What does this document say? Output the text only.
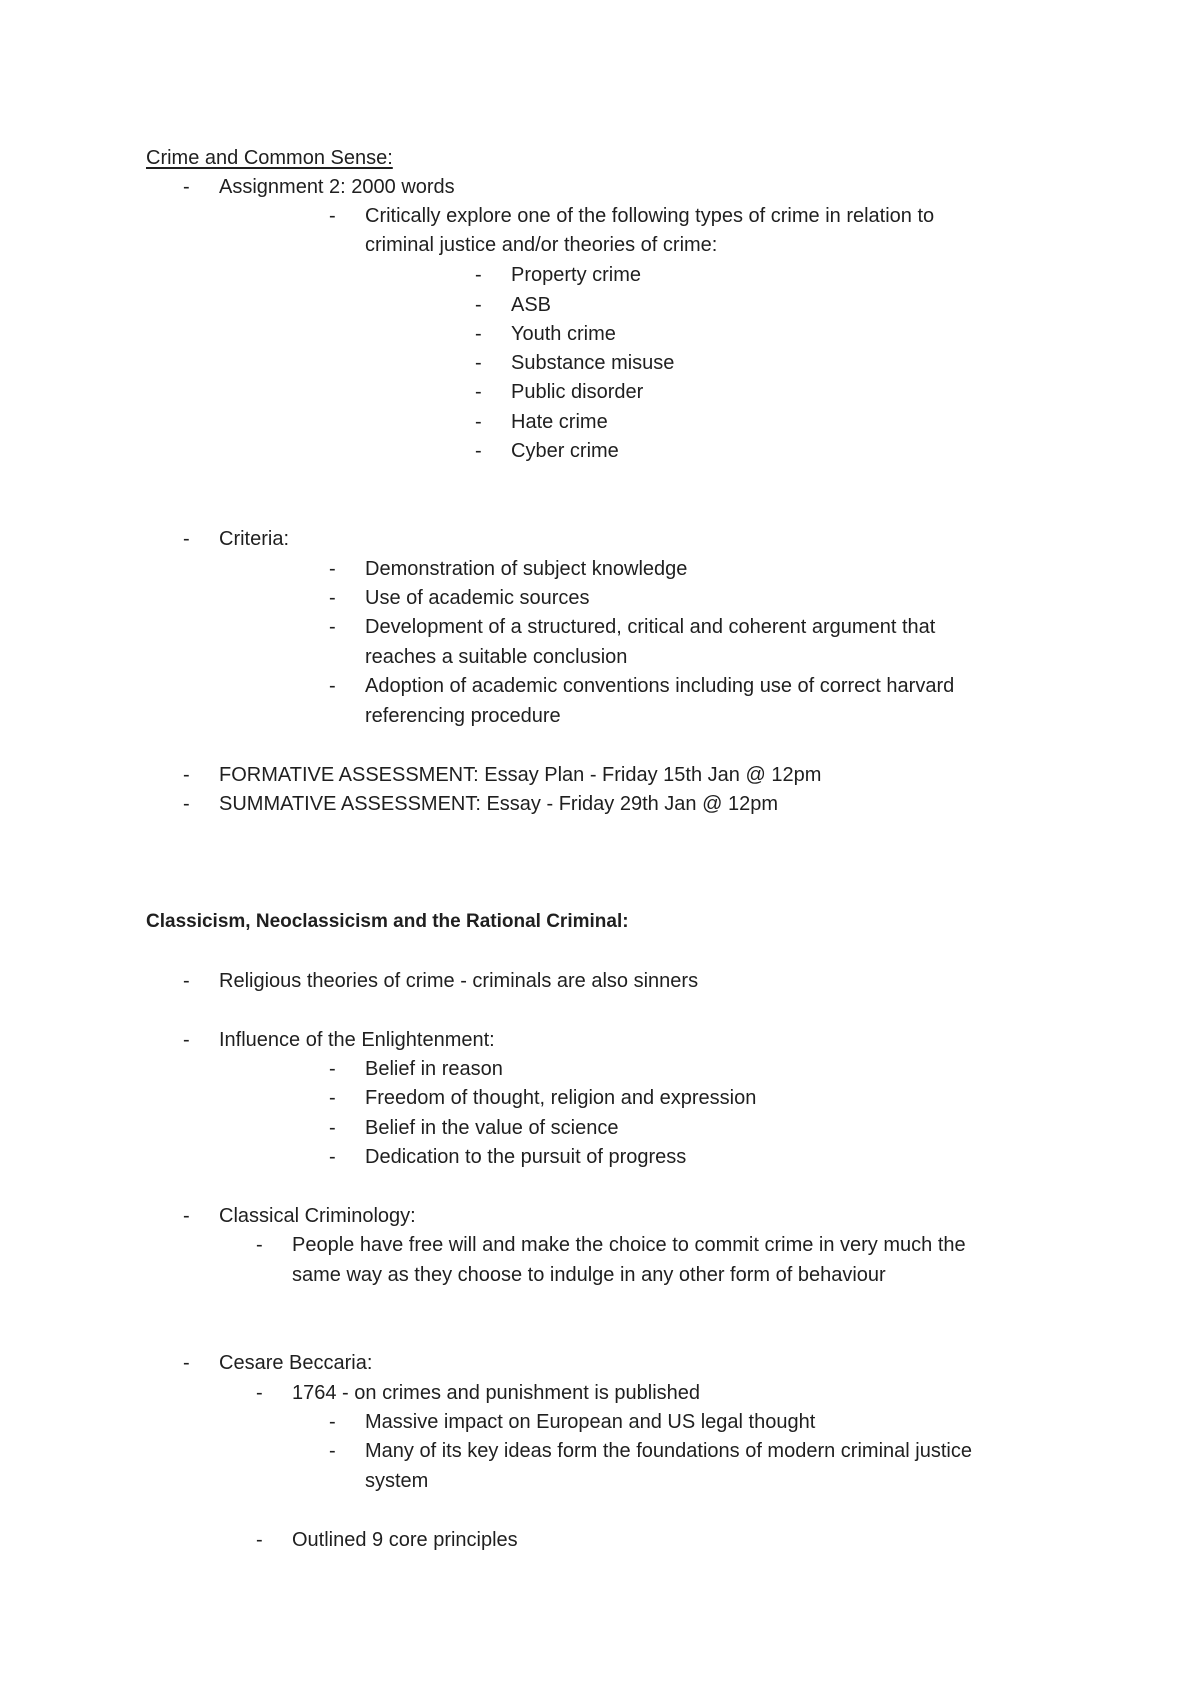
Crime and Common Sense:
- Assignment 2: 2000 words
- Critically explore one of the following types of crime in relation to
criminal justice and/or theories of crime:
- Property crime
- ASB
- Youth crime
- Substance misuse
- Public disorder
- Hate crime
- Cyber crime
- Criteria:
- Demonstration of subject knowledge
- Use of academic sources
- Development of a structured, critical and coherent argument that
reaches a suitable conclusion
- Adoption of academic conventions including use of correct harvard
referencing procedure
- FORMATIVE ASSESSMENT: Essay Plan - Friday 15th Jan @ 12pm
- SUMMATIVE ASSESSMENT: Essay - Friday 29th Jan @ 12pm
Classicism, Neoclassicism and the Rational Criminal:
- Religious theories of crime - criminals are also sinners
- Influence of the Enlightenment:
- Belief in reason
- Freedom of thought, religion and expression
- Belief in the value of science
- Dedication to the pursuit of progress
- Classical Criminology:
- People have free will and make the choice to commit crime in very much the
same way as they choose to indulge in any other form of behaviour
- Cesare Beccaria:
- 1764 - on crimes and punishment is published
- Massive impact on European and US legal thought
- Many of its key ideas form the foundations of modern criminal justice
system
- Outlined 9 core principles
